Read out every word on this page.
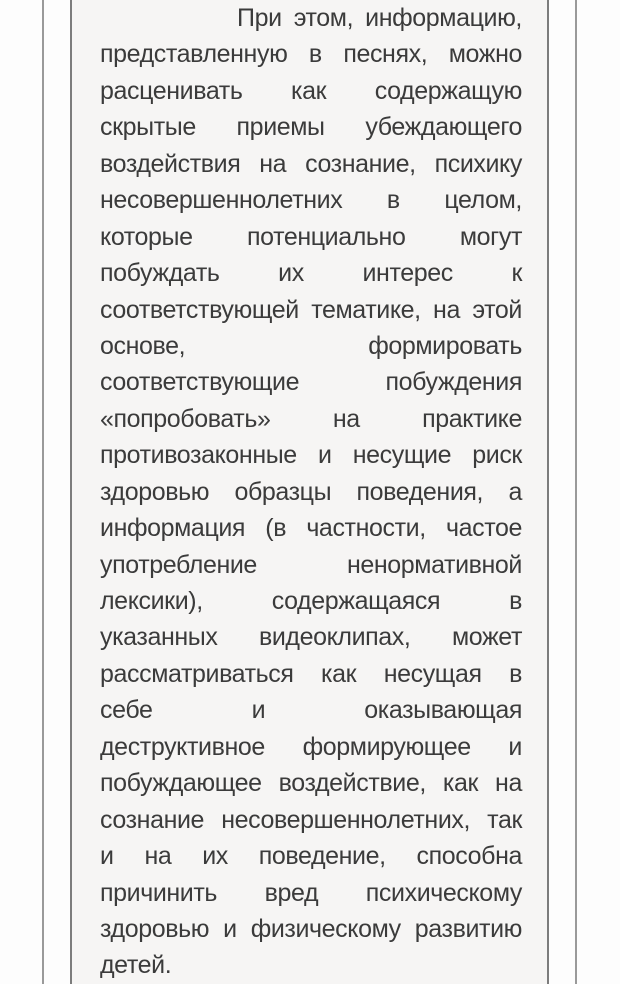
При этом, информацию,
представленную в песнях, можно
расценивать как содержащую
скрытые приемы убеждающего
воздействия на сознание, психику
несовершеннолетних в целом,
которые потенциально могут
побуждать их интерес к
соответствующей тематике, на этой
основе,	формировать
соответствующие	побуждения
«попробовать» на практике
противозаконные и несущие риск
здоровью образцы поведения, а
информация (в частности, частое
употребление	ненормативной
лексики),	содержащаяся	в
указанных видеоклипах, может
рассматриваться как несущая в
себе	и	оказывающая
деструктивное формирующее и
побуждающее воздействие, как на
сознание несовершеннолетних, так
и на их поведение, способна
причинить вред психическому
здоровью и физическому развитию
детей.
